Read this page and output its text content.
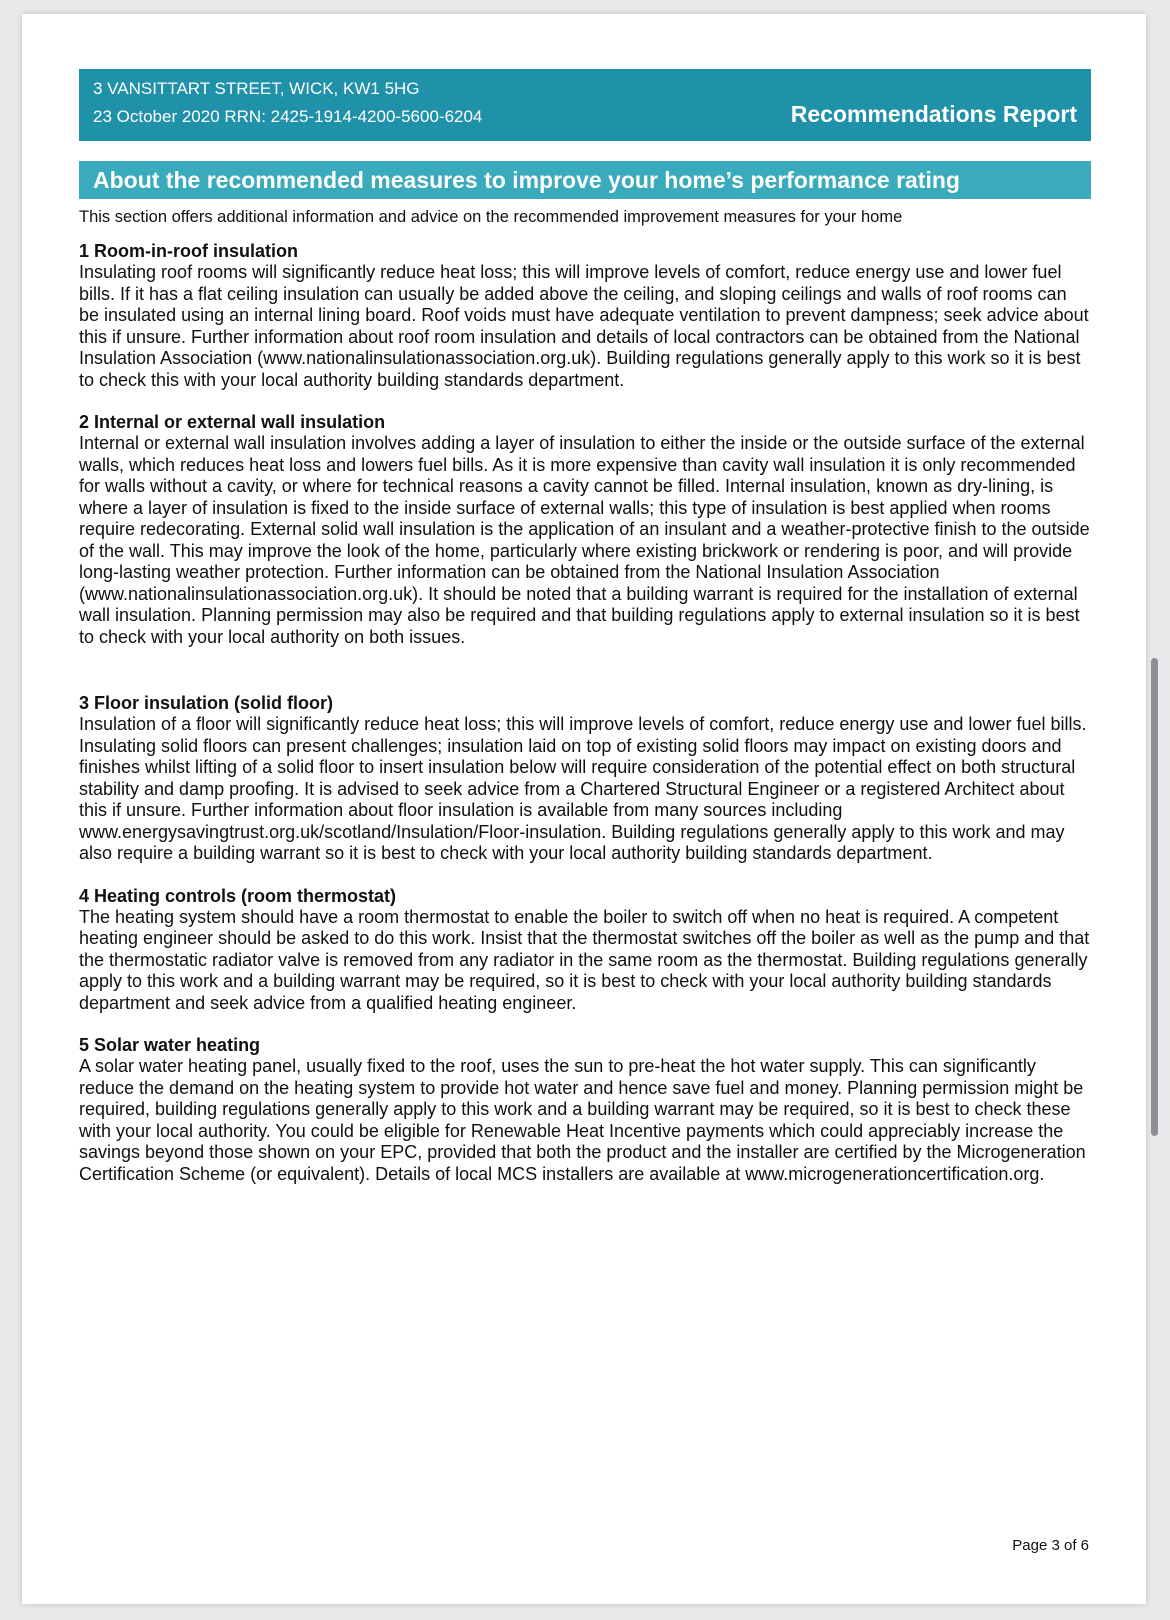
3 VANSITTART STREET, WICK, KW1 5HG
23 October 2020 RRN: 2425-1914-4200-5600-6204	Recommendations Report
About the recommended measures to improve your home’s performance rating
This section offers additional information and advice on the recommended improvement measures for your home
1 Room-in-roof insulation

Insulating roof rooms will significantly reduce heat loss; this will improve levels of comfort, reduce energy use and lower fuel bills. If it has a flat ceiling insulation can usually be added above the ceiling, and sloping ceilings and walls of roof rooms can be insulated using an internal lining board. Roof voids must have adequate ventilation to prevent dampness; seek advice about this if unsure. Further information about roof room insulation and details of local contractors can be obtained from the National Insulation Association (www.nationalinsulationassociation.org.uk). Building regulations generally apply to this work so it is best to check this with your local authority building standards department.

2 Internal or external wall insulation

Internal or external wall insulation involves adding a layer of insulation to either the inside or the outside surface of the external walls, which reduces heat loss and lowers fuel bills. As it is more expensive than cavity wall insulation it is only recommended for walls without a cavity, or where for technical reasons a cavity cannot be filled. Internal insulation, known as dry-lining, is where a layer of insulation is fixed to the inside surface of external walls; this type of insulation is best applied when rooms require redecorating. External solid wall insulation is the application of an insulant and a weather-protective finish to the outside of the wall. This may improve the look of the home, particularly where existing brickwork or rendering is poor, and will provide long-lasting weather protection. Further information can be obtained from the National Insulation Association (www.nationalinsulationassociation.org.uk). It should be noted that a building warrant is required for the installation of external wall insulation. Planning permission may also be required and that building regulations apply to external insulation so it is best to check with your local authority on both issues.

3 Floor insulation (solid floor)

Insulation of a floor will significantly reduce heat loss; this will improve levels of comfort, reduce energy use and lower fuel bills. Insulating solid floors can present challenges; insulation laid on top of existing solid floors may impact on existing doors and finishes whilst lifting of a solid floor to insert insulation below will require consideration of the potential effect on both structural stability and damp proofing. It is advised to seek advice from a Chartered Structural Engineer or a registered Architect about this if unsure. Further information about floor insulation is available from many sources including www.energysavingtrust.org.uk/scotland/Insulation/Floor-insulation. Building regulations generally apply to this work and may also require a building warrant so it is best to check with your local authority building standards department.

4 Heating controls (room thermostat)

The heating system should have a room thermostat to enable the boiler to switch off when no heat is required. A competent heating engineer should be asked to do this work. Insist that the thermostat switches off the boiler as well as the pump and that the thermostatic radiator valve is removed from any radiator in the same room as the thermostat. Building regulations generally apply to this work and a building warrant may be required, so it is best to check with your local authority building standards department and seek advice from a qualified heating engineer.

5 Solar water heating

A solar water heating panel, usually fixed to the roof, uses the sun to pre-heat the hot water supply. This can significantly reduce the demand on the heating system to provide hot water and hence save fuel and money. Planning permission might be required, building regulations generally apply to this work and a building warrant may be required, so it is best to check these with your local authority. You could be eligible for Renewable Heat Incentive payments which could appreciably increase the savings beyond those shown on your EPC, provided that both the product and the installer are certified by the Microgeneration Certification Scheme (or equivalent). Details of local MCS installers are available at www.microgenerationcertification.org.

Page 3 of 6
